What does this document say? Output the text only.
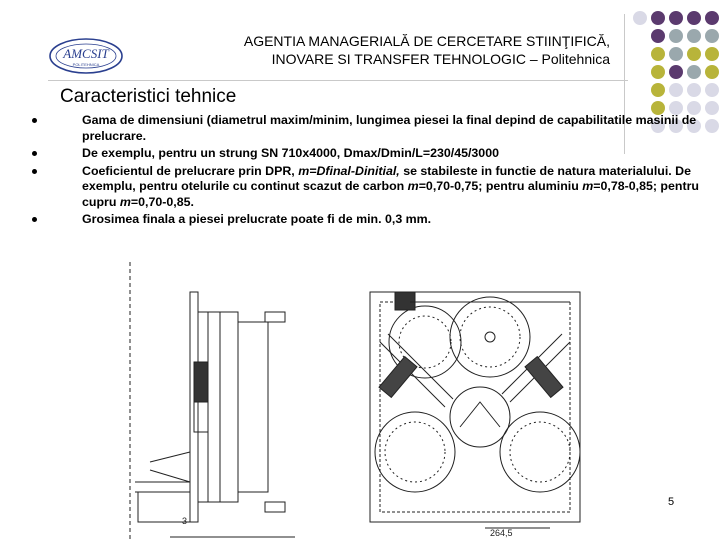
AMCSIT
POLITEHNICA
AGENTIA MANAGERIALĂ DE CERCETARE STIINŢIFICĂ,
INOVARE SI TRANSFER TEHNOLOGIC – Politehnica
Caracteristici tehnice
Gama de dimensiuni (diametrul maxim/minim, lungimea piesei la final depind de capabilitatile masinii de prelucrare.
De exemplu, pentru un strung SN 710x4000, Dmax/Dmin/L=230/45/3000
Coeficientul de prelucrare prin DPR, m=Dfinal-Dinitial, se stabileste in functie de natura materialului. De exemplu, pentru otelurile cu continut scazut de carbon m=0,70-0,75; pentru aluminiu m=0,78-0,85; pentru cupru m=0,70-0,85.
Grosimea finala a piesei prelucrate poate fi de min. 0,3 mm.
3
264,5
5
